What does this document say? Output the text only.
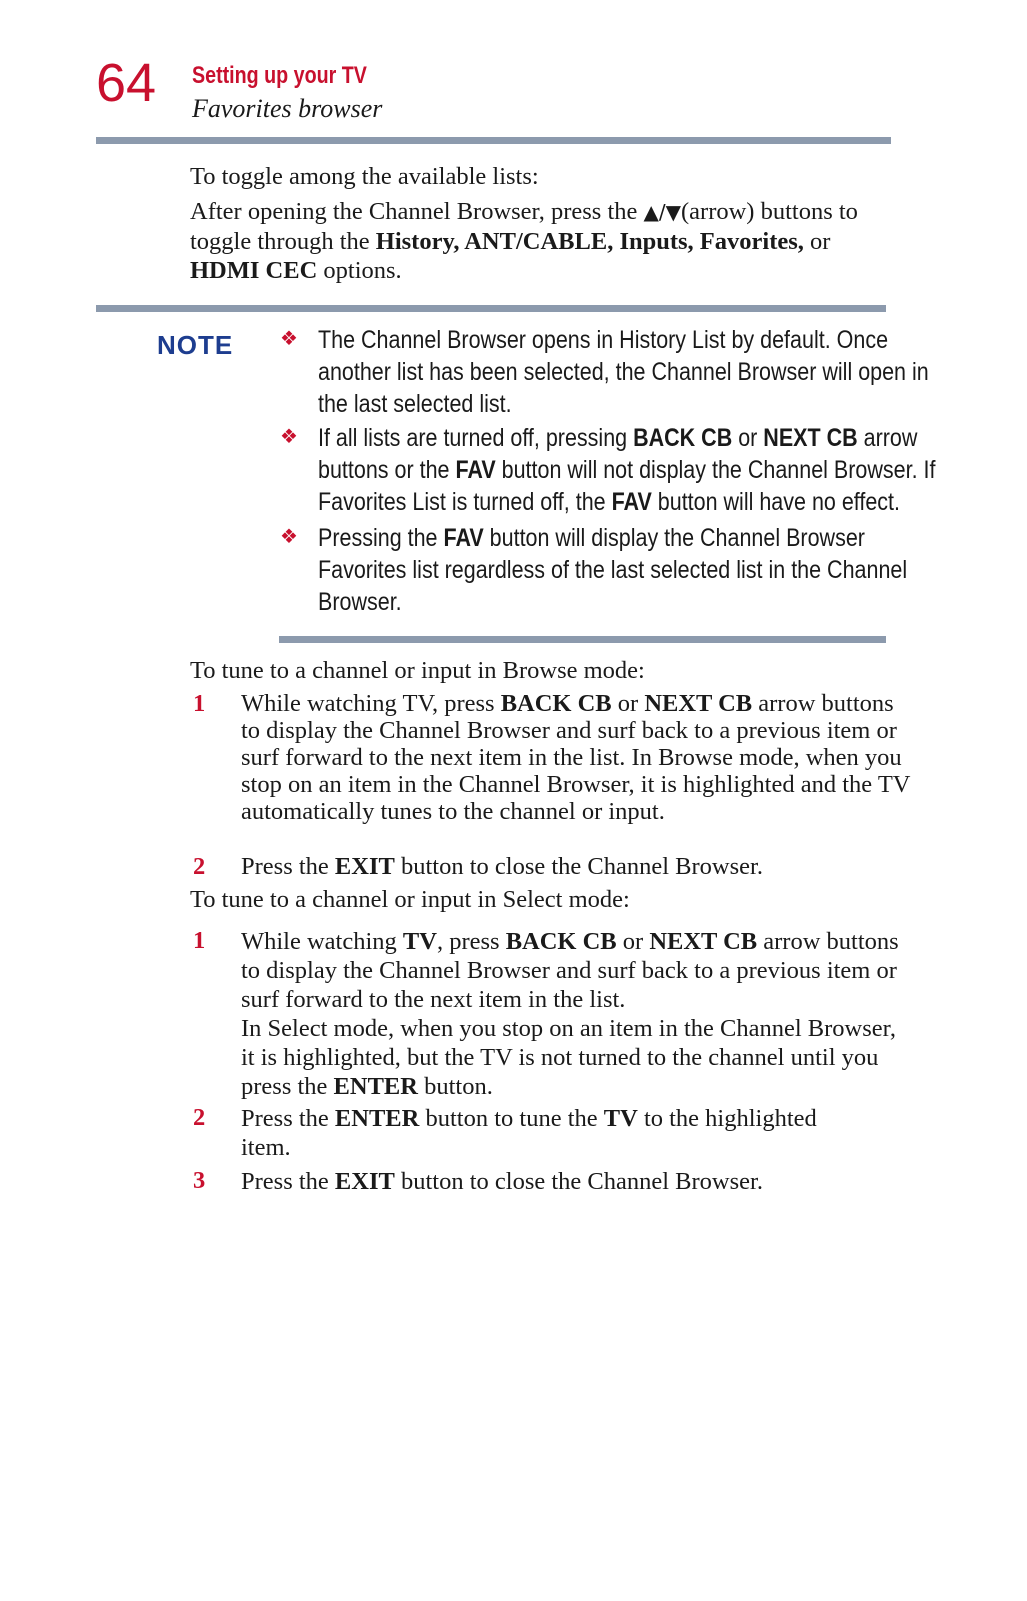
64 Setting up your TV
Favorites browser
To toggle among the available lists:
After opening the Channel Browser, press the ▲/▼(arrow) buttons to toggle through the History, ANT/CABLE, Inputs, Favorites, or HDMI CEC options.
NOTE ❖ The Channel Browser opens in History List by default. Once another list has been selected, the Channel Browser will open in the last selected list.
❖ If all lists are turned off, pressing BACK CB or NEXT CB arrow buttons or the FAV button will not display the Channel Browser. If Favorites List is turned off, the FAV button will have no effect.
❖ Pressing the FAV button will display the Channel Browser Favorites list regardless of the last selected list in the Channel Browser.
To tune to a channel or input in Browse mode:
1 While watching TV, press BACK CB or NEXT CB arrow buttons to display the Channel Browser and surf back to a previous item or surf forward to the next item in the list. In Browse mode, when you stop on an item in the Channel Browser, it is highlighted and the TV automatically tunes to the channel or input.
2 Press the EXIT button to close the Channel Browser.
To tune to a channel or input in Select mode:
1 While watching TV, press BACK CB or NEXT CB arrow buttons to display the Channel Browser and surf back to a previous item or surf forward to the next item in the list.
In Select mode, when you stop on an item in the Channel Browser, it is highlighted, but the TV is not turned to the channel until you press the ENTER button.
2 Press the ENTER button to tune the TV to the highlighted item.
3 Press the EXIT button to close the Channel Browser.
